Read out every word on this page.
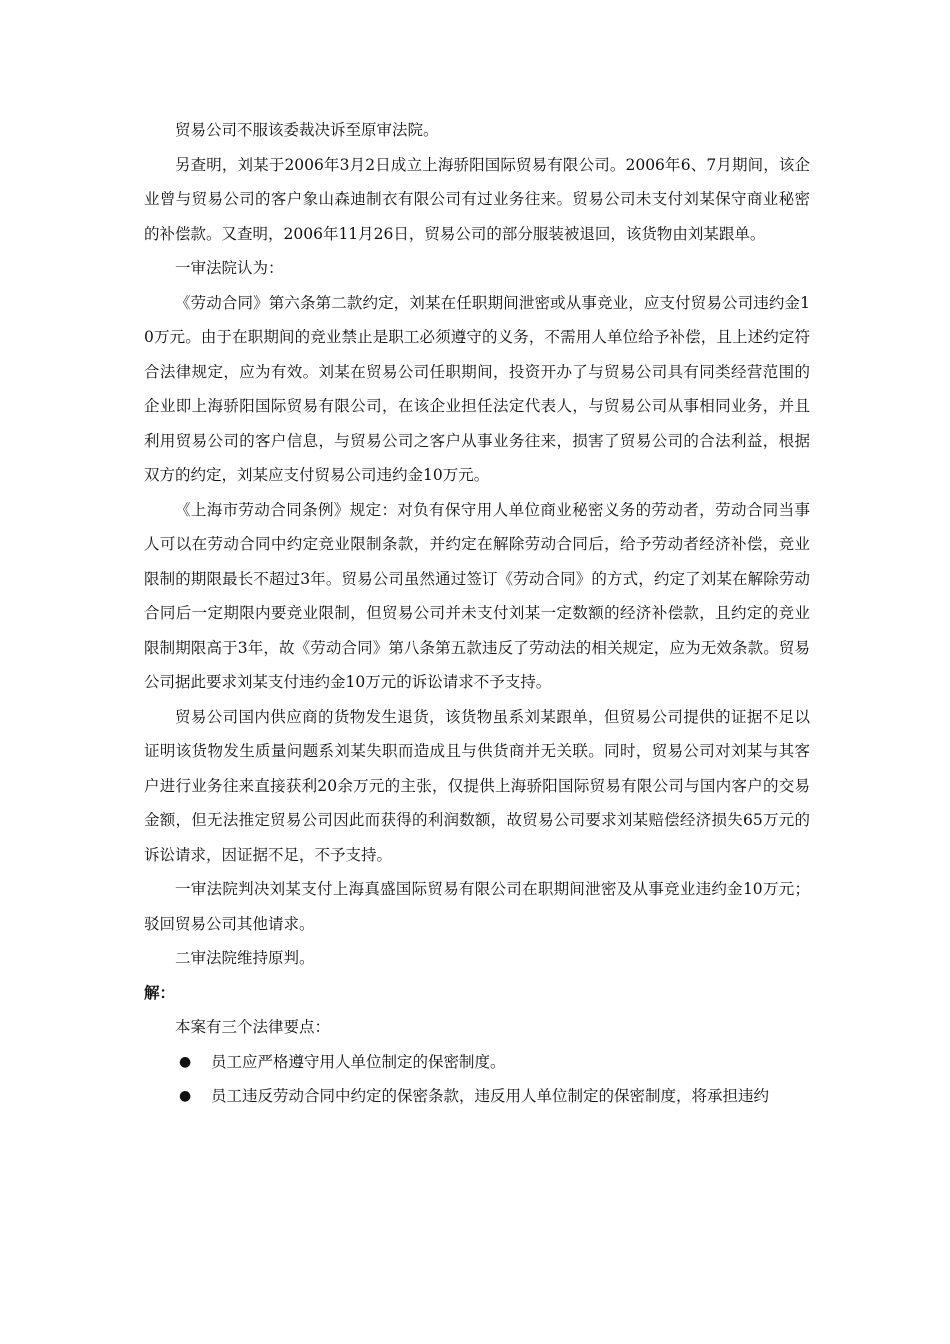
贸易公司不服该委裁决诉至原审法院。

另查明，刘某于2006年3月2日成立上海骄阳国际贸易有限公司。2006年6、7月期间，该企业曾与贸易公司的客户象山森迪制衣有限公司有过业务往来。贸易公司未支付刘某保守商业秘密的补偿款。又查明，2006年11月26日，贸易公司的部分服装被退回，该货物由刘某跟单。

一审法院认为：

《劳动合同》第六条第二款约定，刘某在任职期间泄密或从事竞业，应支付贸易公司违约金10万元。由于在职期间的竞业禁止是职工必须遵守的义务，不需用人单位给予补偿，且上述约定符合法律规定，应为有效。刘某在贸易公司任职期间，投资开办了与贸易公司具有同类经营范围的企业即上海骄阳国际贸易有限公司，在该企业担任法定代表人，与贸易公司从事相同业务，并且利用贸易公司的客户信息，与贸易公司之客户从事业务往来，损害了贸易公司的合法利益，根据双方的约定，刘某应支付贸易公司违约金10万元。

《上海市劳动合同条例》规定：对负有保守用人单位商业秘密义务的劳动者，劳动合同当事人可以在劳动合同中约定竞业限制条款，并约定在解除劳动合同后，给予劳动者经济补偿，竞业限制的期限最长不超过3年。贸易公司虽然通过签订《劳动合同》的方式，约定了刘某在解除劳动合同后一定期限内要竞业限制，但贸易公司并未支付刘某一定数额的经济补偿款，且约定的竞业限制期限高于3年，故《劳动合同》第八条第五款违反了劳动法的相关规定，应为无效条款。贸易公司据此要求刘某支付违约金10万元的诉讼请求不予支持。

贸易公司国内供应商的货物发生退货，该货物虽系刘某跟单，但贸易公司提供的证据不足以证明该货物发生质量问题系刘某失职而造成且与供货商并无关联。同时，贸易公司对刘某与其客户进行业务往来直接获利20余万元的主张，仅提供上海骄阳国际贸易有限公司与国内客户的交易金额，但无法推定贸易公司因此而获得的利润数额，故贸易公司要求刘某赔偿经济损失65万元的诉讼请求，因证据不足，不予支持。

一审法院判决刘某支付上海真盛国际贸易有限公司在职期间泄密及从事竞业违约金10万元；驳回贸易公司其他请求。

二审法院维持原判。

解：

本案有三个法律要点：

● 员工应严格遵守用人单位制定的保密制度。

● 员工违反劳动合同中约定的保密条款，违反用人单位制定的保密制度，将承担违约
